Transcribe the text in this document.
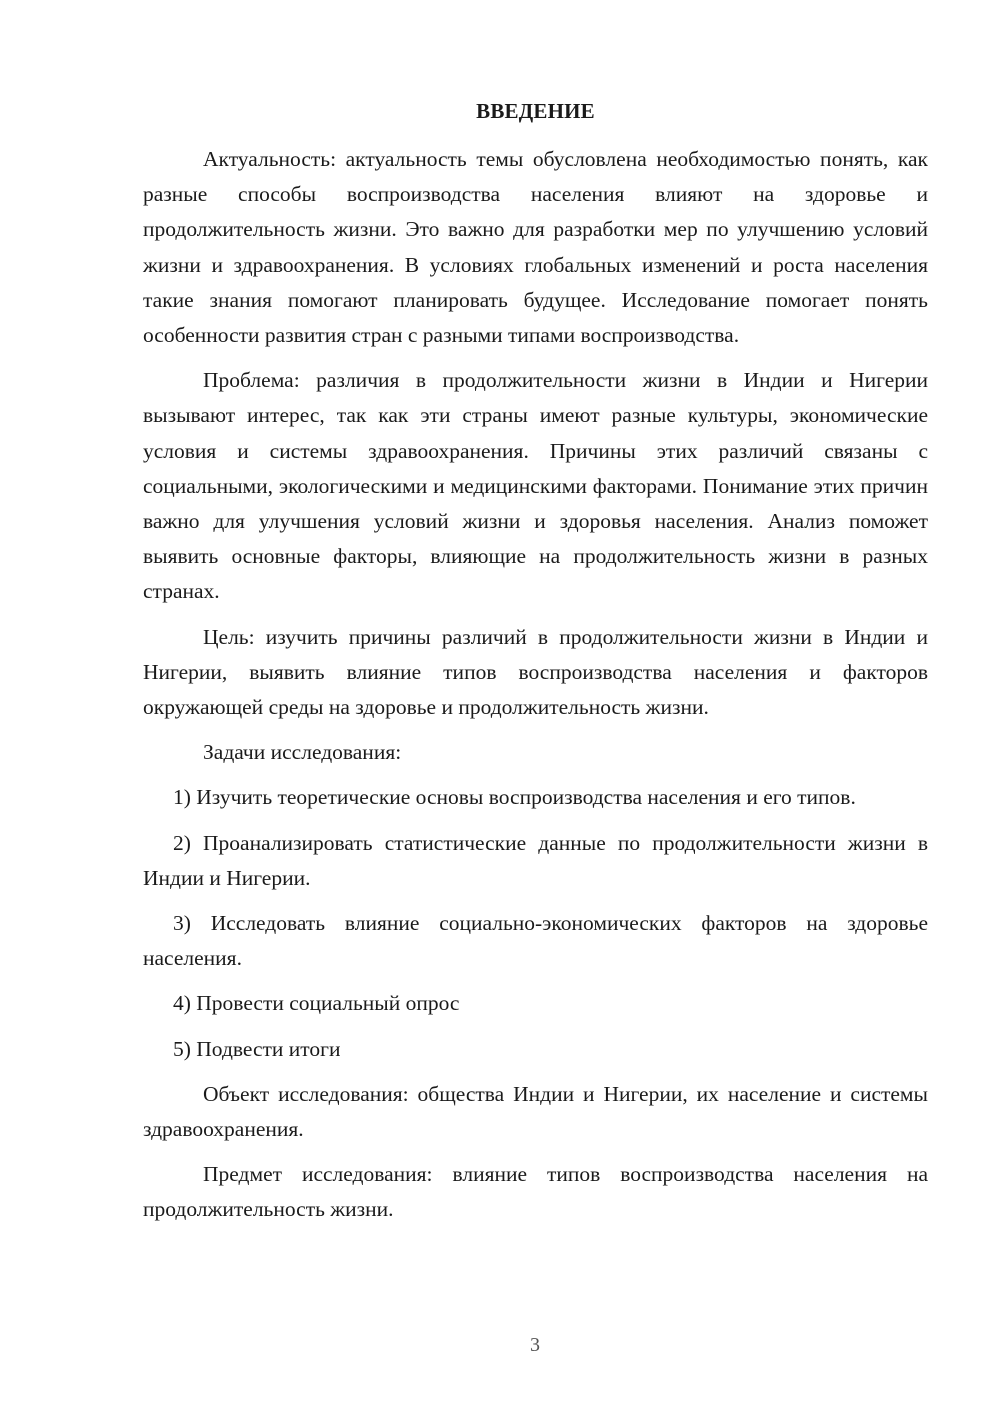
ВВЕДЕНИЕ

Актуальность: актуальность темы обусловлена необходимостью понять, как разные способы воспроизводства населения влияют на здоровье и продолжительность жизни. Это важно для разработки мер по улучшению условий жизни и здравоохранения. В условиях глобальных изменений и роста населения такие знания помогают планировать будущее. Исследование помогает понять особенности развития стран с разными типами воспроизводства.

Проблема: различия в продолжительности жизни в Индии и Нигерии вызывают интерес, так как эти страны имеют разные культуры, экономические условия и системы здравоохранения. Причины этих различий связаны с социальными, экологическими и медицинскими факторами. Понимание этих причин важно для улучшения условий жизни и здоровья населения. Анализ поможет выявить основные факторы, влияющие на продолжительность жизни в разных странах.

Цель: изучить причины различий в продолжительности жизни в Индии и Нигерии, выявить влияние типов воспроизводства населения и факторов окружающей среды на здоровье и продолжительность жизни.

Задачи исследования:

1) Изучить теоретические основы воспроизводства населения и его типов.

2) Проанализировать статистические данные по продолжительности жизни в Индии и Нигерии.

3) Исследовать влияние социально-экономических факторов на здоровье населения.

4) Провести социальный опрос

5) Подвести итоги

Объект исследования: общества Индии и Нигерии, их население и системы здравоохранения.

Предмет исследования: влияние типов воспроизводства населения на продолжительность жизни.

3
